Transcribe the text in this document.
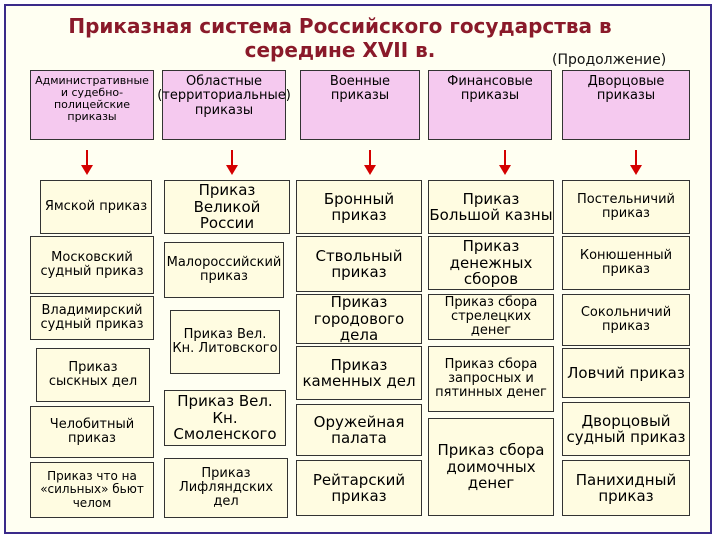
Приказная система Российского государства в середине XVII в.	(Продолжение)
Административные и судебно-полицейские приказы
Областные (территориальные) приказы
Военные приказы
Финансовые приказы
Дворцовые приказы
Ямской приказ
Московский судный приказ
Владимирский судный приказ
Приказ сыскных дел
Челобитный приказ
Приказ что на «сильных» бьют челом
Приказ Великой России
Малороссийский приказ
Приказ Вел. Кн. Литовского
Приказ Вел. Кн. Смоленского
Приказ Лифляндских дел
Бронный приказ
Ствольный приказ
Приказ городового дела
Приказ каменных дел
Оружейная палата
Рейтарский приказ
Приказ Большой казны
Приказ денежных сборов
Приказ сбора стрелецких денег
Приказ сбора запросных и пятинных денег
Приказ сбора доимочных денег
Постельничий приказ
Конюшенный приказ
Сокольничий приказ
Ловчий приказ
Дворцовый судный приказ
Панихидный приказ
